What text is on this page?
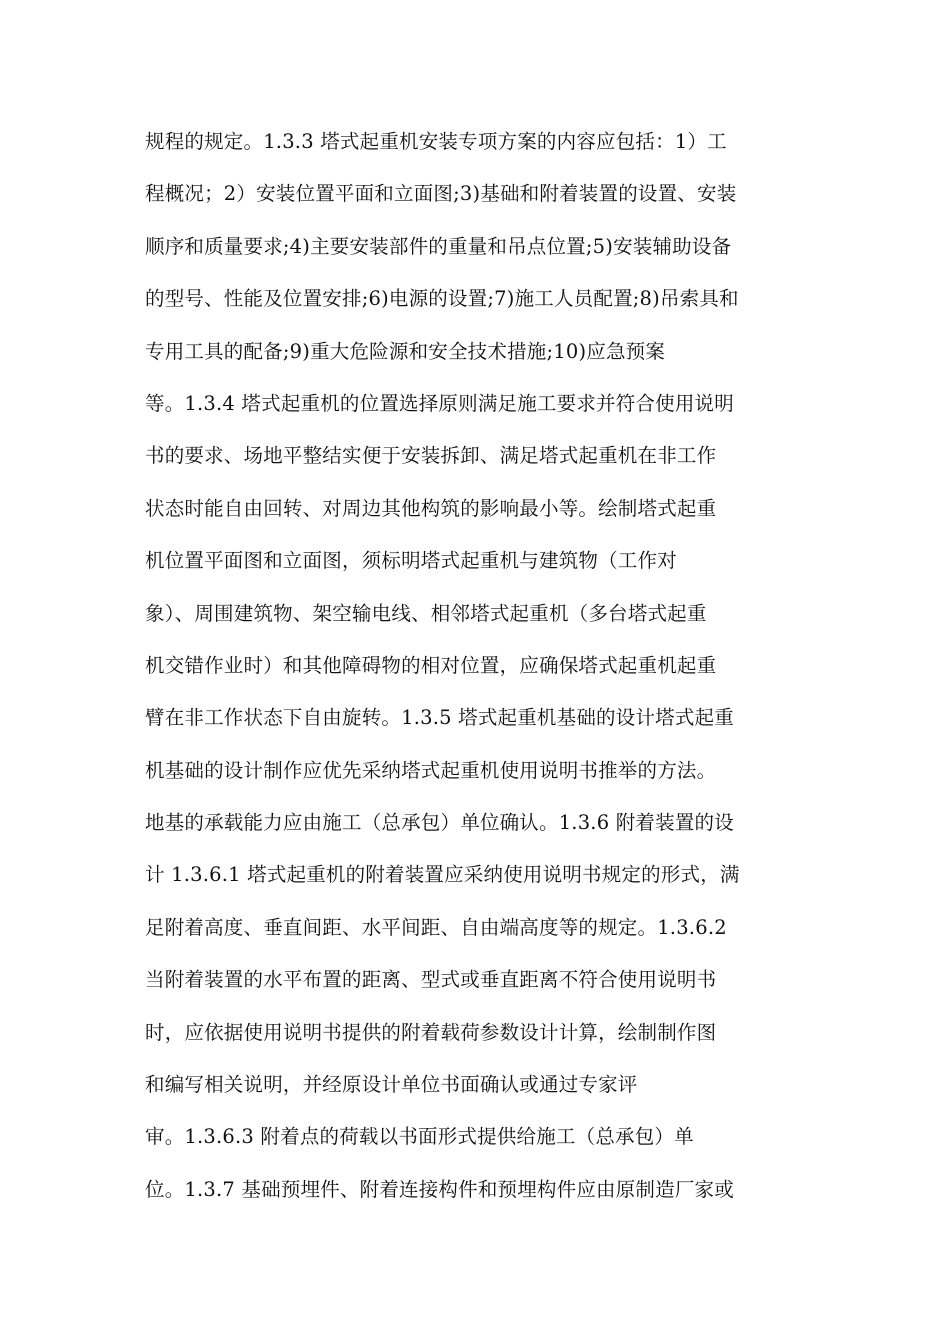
规程的规定。1.3.3 塔式起重机安装专项方案的内容应包括：1）工
程概况；2）安装位置平面和立面图;3)基础和附着装置的设置、安装
顺序和质量要求;4)主要安装部件的重量和吊点位置;5)安装辅助设备
的型号、性能及位置安排;6)电源的设置;7)施工人员配置;8)吊索具和
专用工具的配备;9)重大危险源和安全技术措施;10)应急预案
等。1.3.4 塔式起重机的位置选择原则满足施工要求并符合使用说明
书的要求、场地平整结实便于安装拆卸、满足塔式起重机在非工作
状态时能自由回转、对周边其他构筑的影响最小等。绘制塔式起重
机位置平面图和立面图，须标明塔式起重机与建筑物（工作对
象）、周围建筑物、架空输电线、相邻塔式起重机（多台塔式起重
机交错作业时）和其他障碍物的相对位置，应确保塔式起重机起重
臂在非工作状态下自由旋转。1.3.5 塔式起重机基础的设计塔式起重
机基础的设计制作应优先采纳塔式起重机使用说明书推举的方法。
地基的承载能力应由施工（总承包）单位确认。1.3.6 附着装置的设
计 1.3.6.1 塔式起重机的附着装置应采纳使用说明书规定的形式，满
足附着高度、垂直间距、水平间距、自由端高度等的规定。1.3.6.2
当附着装置的水平布置的距离、型式或垂直距离不符合使用说明书
时，应依据使用说明书提供的附着载荷参数设计计算，绘制制作图
和编写相关说明，并经原设计单位书面确认或通过专家评
审。1.3.6.3 附着点的荷载以书面形式提供给施工（总承包）单
位。1.3.7 基础预埋件、附着连接构件和预埋构件应由原制造厂家或
